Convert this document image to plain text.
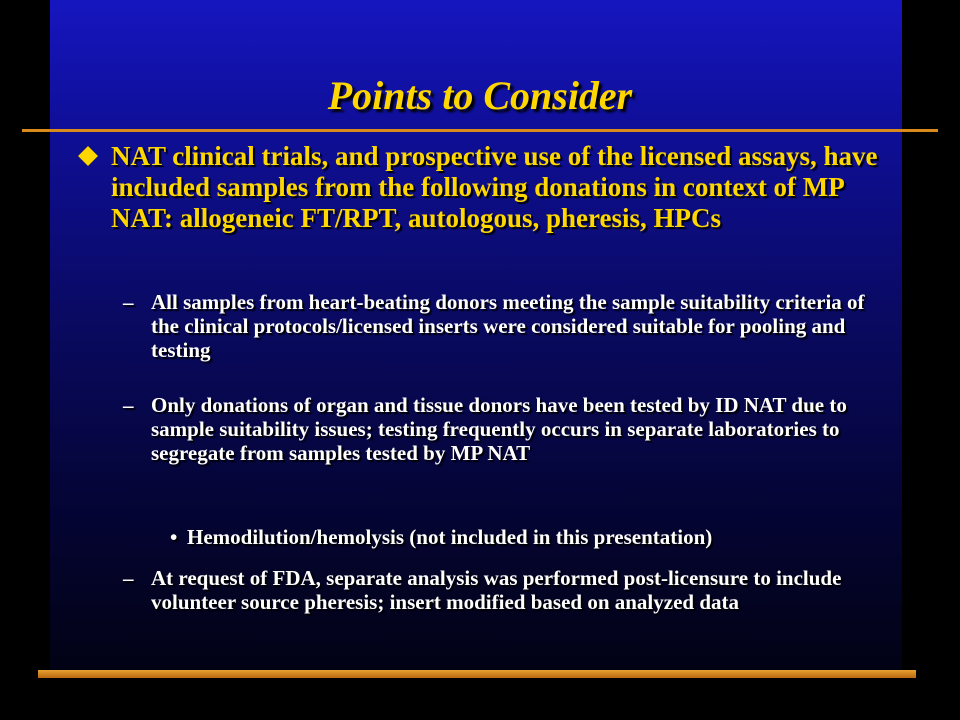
Points to Consider
NAT clinical trials, and prospective use of the licensed assays, have included samples from the following donations in context of MP NAT: allogeneic FT/RPT, autologous, pheresis, HPCs
– All samples from heart-beating donors meeting the sample suitability criteria of the clinical protocols/licensed inserts were considered suitable for pooling and testing
– Only donations of organ and tissue donors have been tested by ID NAT due to sample suitability issues; testing frequently occurs in separate laboratories to segregate from samples tested by MP NAT
• Hemodilution/hemolysis (not included in this presentation)
– At request of FDA, separate analysis was performed post-licensure to include volunteer source pheresis; insert modified based on analyzed data
